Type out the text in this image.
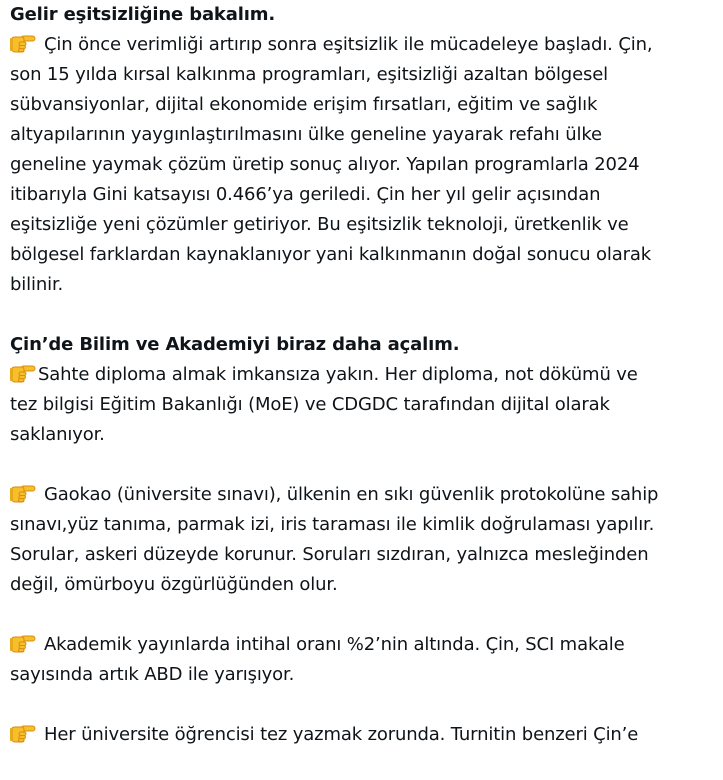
Gelir eşitsizliğine bakalım.
Çin önce verimliği artırıp sonra eşitsizlik ile mücadeleye başladı. Çin,
son 15 yılda kırsal kalkınma programları, eşitsizliği azaltan bölgesel
sübvansiyonlar, dijital ekonomide erişim fırsatları, eğitim ve sağlık
altyapılarının yaygınlaştırılmasını ülke geneline yayarak refahı ülke
geneline yaymak çözüm üretip sonuç alıyor. Yapılan programlarla 2024
itibarıyla Gini katsayısı 0.466’ya geriledi. Çin her yıl gelir açısından
eşitsizliğe yeni çözümler getiriyor. Bu eşitsizlik teknoloji, üretkenlik ve
bölgesel farklardan kaynaklanıyor yani kalkınmanın doğal sonucu olarak
bilinir.
Çin’de Bilim ve Akademiyi biraz daha açalım.
Sahte diploma almak imkansıza yakın. Her diploma, not dökümü ve
tez bilgisi Eğitim Bakanlığı (MoE) ve CDGDC tarafından dijital olarak
saklanıyor.
Gaokao (üniversite sınavı), ülkenin en sıkı güvenlik protokolüne sahip
sınavı,yüz tanıma, parmak izi, iris taraması ile kimlik doğrulaması yapılır.
Sorular, askeri düzeyde korunur. Soruları sızdıran, yalnızca mesleğinden
değil, ömürboyu özgürlüğünden olur.
Akademik yayınlarda intihal oranı %2’nin altında. Çin, SCI makale
sayısında artık ABD ile yarışıyor.
Her üniversite öğrencisi tez yazmak zorunda. Turnitin benzeri Çin’e
